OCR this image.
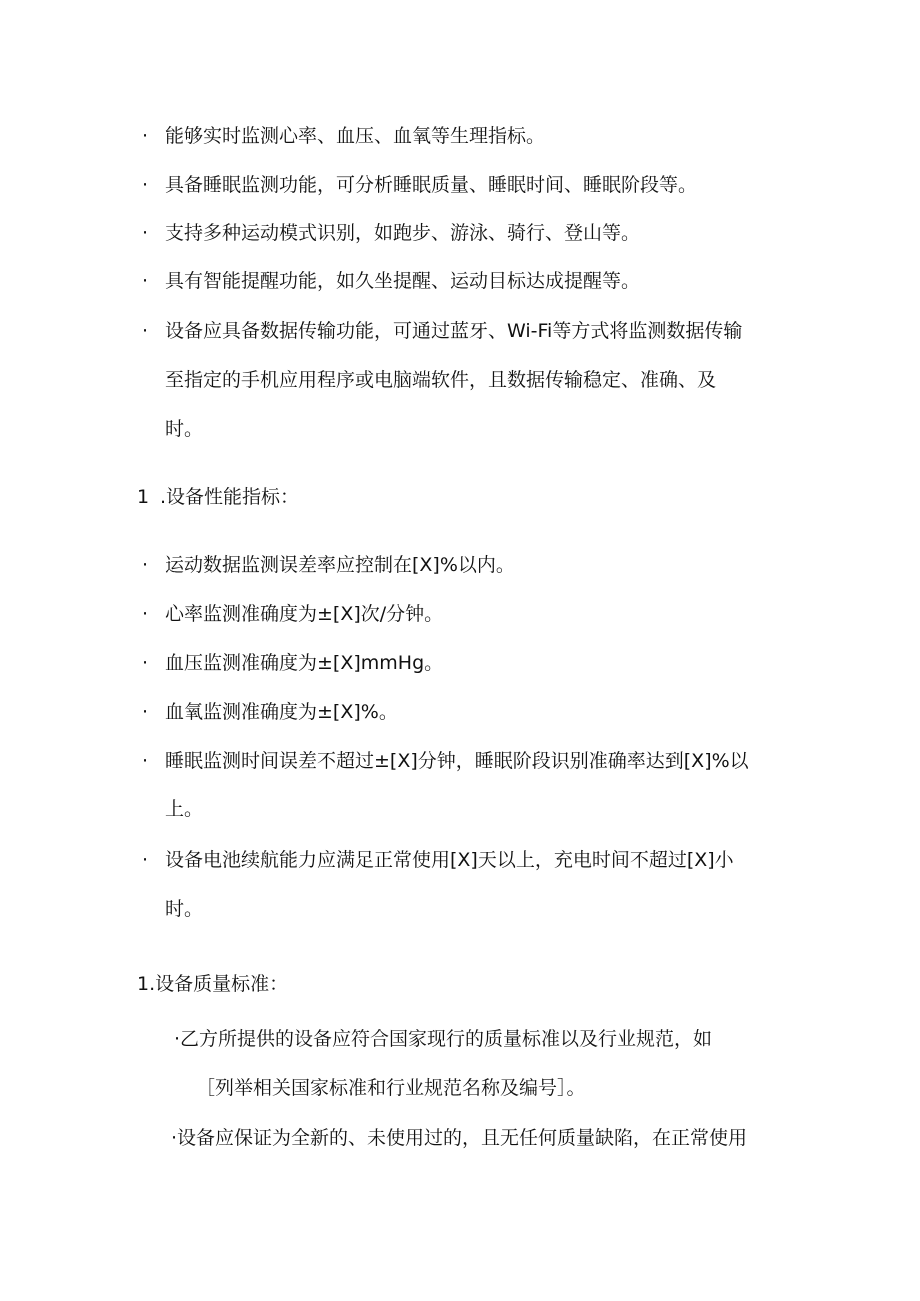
· 能够实时监测心率、血压、血氧等生理指标。
· 具备睡眠监测功能，可分析睡眠质量、睡眠时间、睡眠阶段等。
· 支持多种运动模式识别，如跑步、游泳、骑行、登山等。
· 具有智能提醒功能，如久坐提醒、运动目标达成提醒等。
· 设备应具备数据传输功能，可通过蓝牙、Wi-Fi等方式将监测数据传输
至指定的手机应用程序或电脑端软件，且数据传输稳定、准确、及
时。
1 .设备性能指标：
· 运动数据监测误差率应控制在[X]%以内。
· 心率监测准确度为±[X]次/分钟。
· 血压监测准确度为±[X]mmHg。
· 血氧监测准确度为±[X]%。
· 睡眠监测时间误差不超过±[X]分钟，睡眠阶段识别准确率达到[X]%以
上。
· 设备电池续航能力应满足正常使用[X]天以上，充电时间不超过[X]小
时。
1.设备质量标准：
·乙方所提供的设备应符合国家现行的质量标准以及行业规范，如
［列举相关国家标准和行业规范名称及编号］。
·设备应保证为全新的、未使用过的，且无任何质量缺陷，在正常使用
